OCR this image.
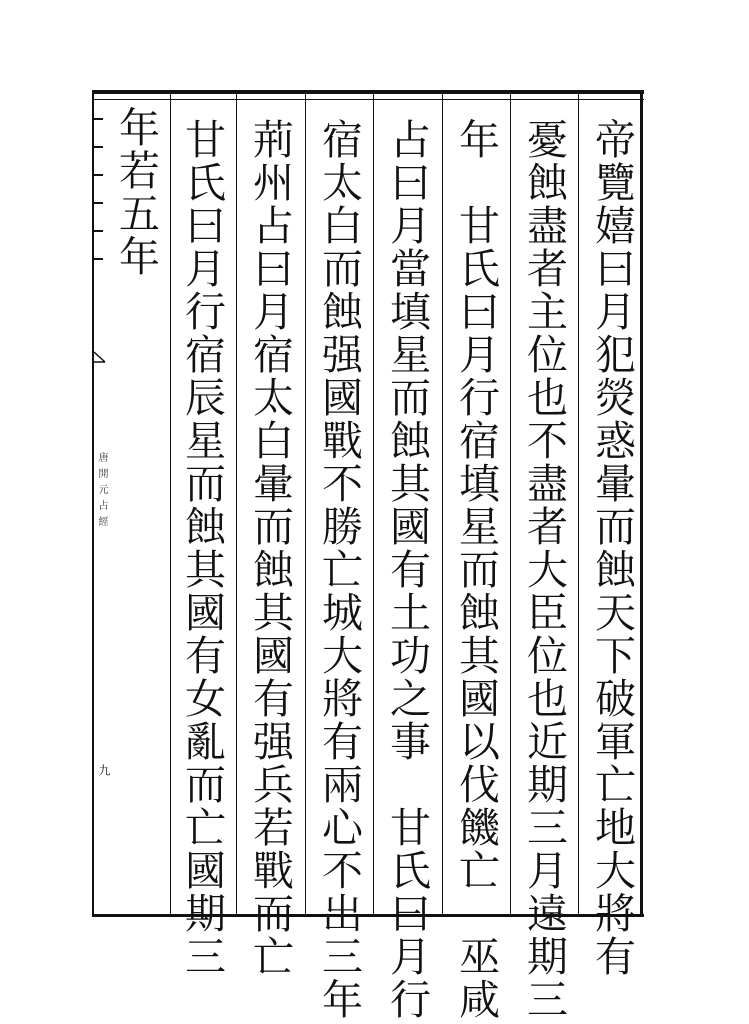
帝覽嬉曰月犯熒惑暈而蝕天下破軍亡地大將有
憂蝕盡者主位也不盡者大臣位也近期三月遠期三
年　甘氏曰月行宿填星而蝕其國以伐饑亡　巫咸
占曰月當填星而蝕其國有土功之事　甘氏曰月行
宿太白而蝕强國戰不勝亡城大將有兩心不出三年
荊州占曰月宿太白暈而蝕其國有强兵若戰而亡
甘氏曰月行宿辰星而蝕其國有女亂而亡國期三
年若五年
唐開元占經
九
